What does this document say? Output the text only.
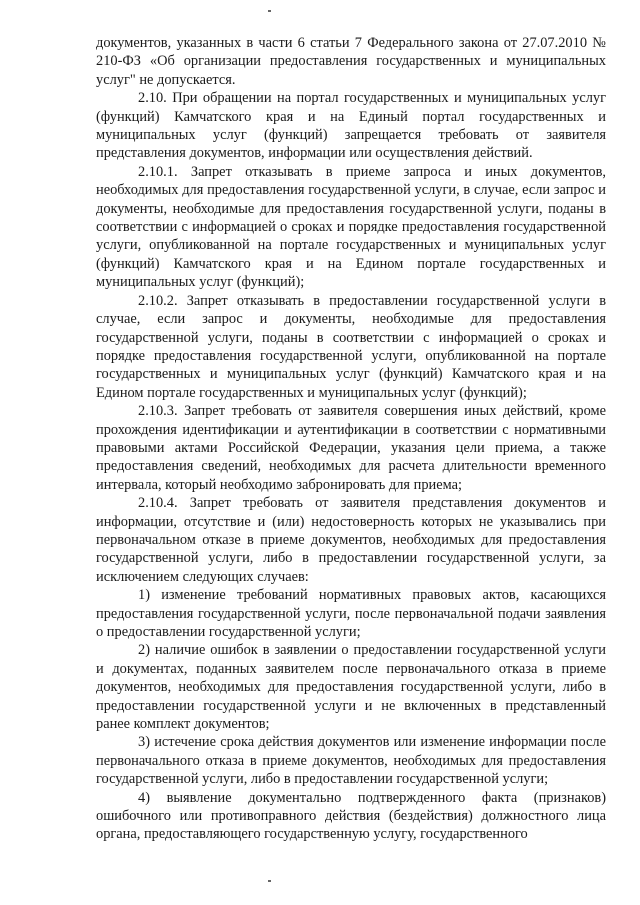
документов, указанных в части 6 статьи 7 Федерального закона от 27.07.2010 № 210-ФЗ «Об организации предоставления государственных и муниципальных услуг" не допускается.

2.10. При обращении на портал государственных и муниципальных услуг (функций) Камчатского края и на Единый портал государственных и муниципальных услуг (функций) запрещается требовать от заявителя представления документов, информации или осуществления действий.

2.10.1. Запрет отказывать в приеме запроса и иных документов, необходимых для предоставления государственной услуги, в случае, если запрос и документы, необходимые для предоставления государственной услуги, поданы в соответствии с информацией о сроках и порядке предоставления государственной услуги, опубликованной на портале государственных и муниципальных услуг (функций) Камчатского края и на Едином портале государственных и муниципальных услуг (функций);

2.10.2. Запрет отказывать в предоставлении государственной услуги в случае, если запрос и документы, необходимые для предоставления государственной услуги, поданы в соответствии с информацией о сроках и порядке предоставления государственной услуги, опубликованной на портале государственных и муниципальных услуг (функций) Камчатского края и на Едином портале государственных и муниципальных услуг (функций);

2.10.3. Запрет требовать от заявителя совершения иных действий, кроме прохождения идентификации и аутентификации в соответствии с нормативными правовыми актами Российской Федерации, указания цели приема, а также предоставления сведений, необходимых для расчета длительности временного интервала, который необходимо забронировать для приема;

2.10.4. Запрет требовать от заявителя представления документов и информации, отсутствие и (или) недостоверность которых не указывались при первоначальном отказе в приеме документов, необходимых для предоставления государственной услуги, либо в предоставлении государственной услуги, за исключением следующих случаев:

1) изменение требований нормативных правовых актов, касающихся предоставления государственной услуги, после первоначальной подачи заявления о предоставлении государственной услуги;

2) наличие ошибок в заявлении о предоставлении государственной услуги и документах, поданных заявителем после первоначального отказа в приеме документов, необходимых для предоставления государственной услуги, либо в предоставлении государственной услуги и не включенных в представленный ранее комплект документов;

3) истечение срока действия документов или изменение информации после первоначального отказа в приеме документов, необходимых для предоставления государственной услуги, либо в предоставлении государственной услуги;

4) выявление документально подтвержденного факта (признаков) ошибочного или противоправного действия (бездействия) должностного лица органа, предоставляющего государственную услугу, государственного
